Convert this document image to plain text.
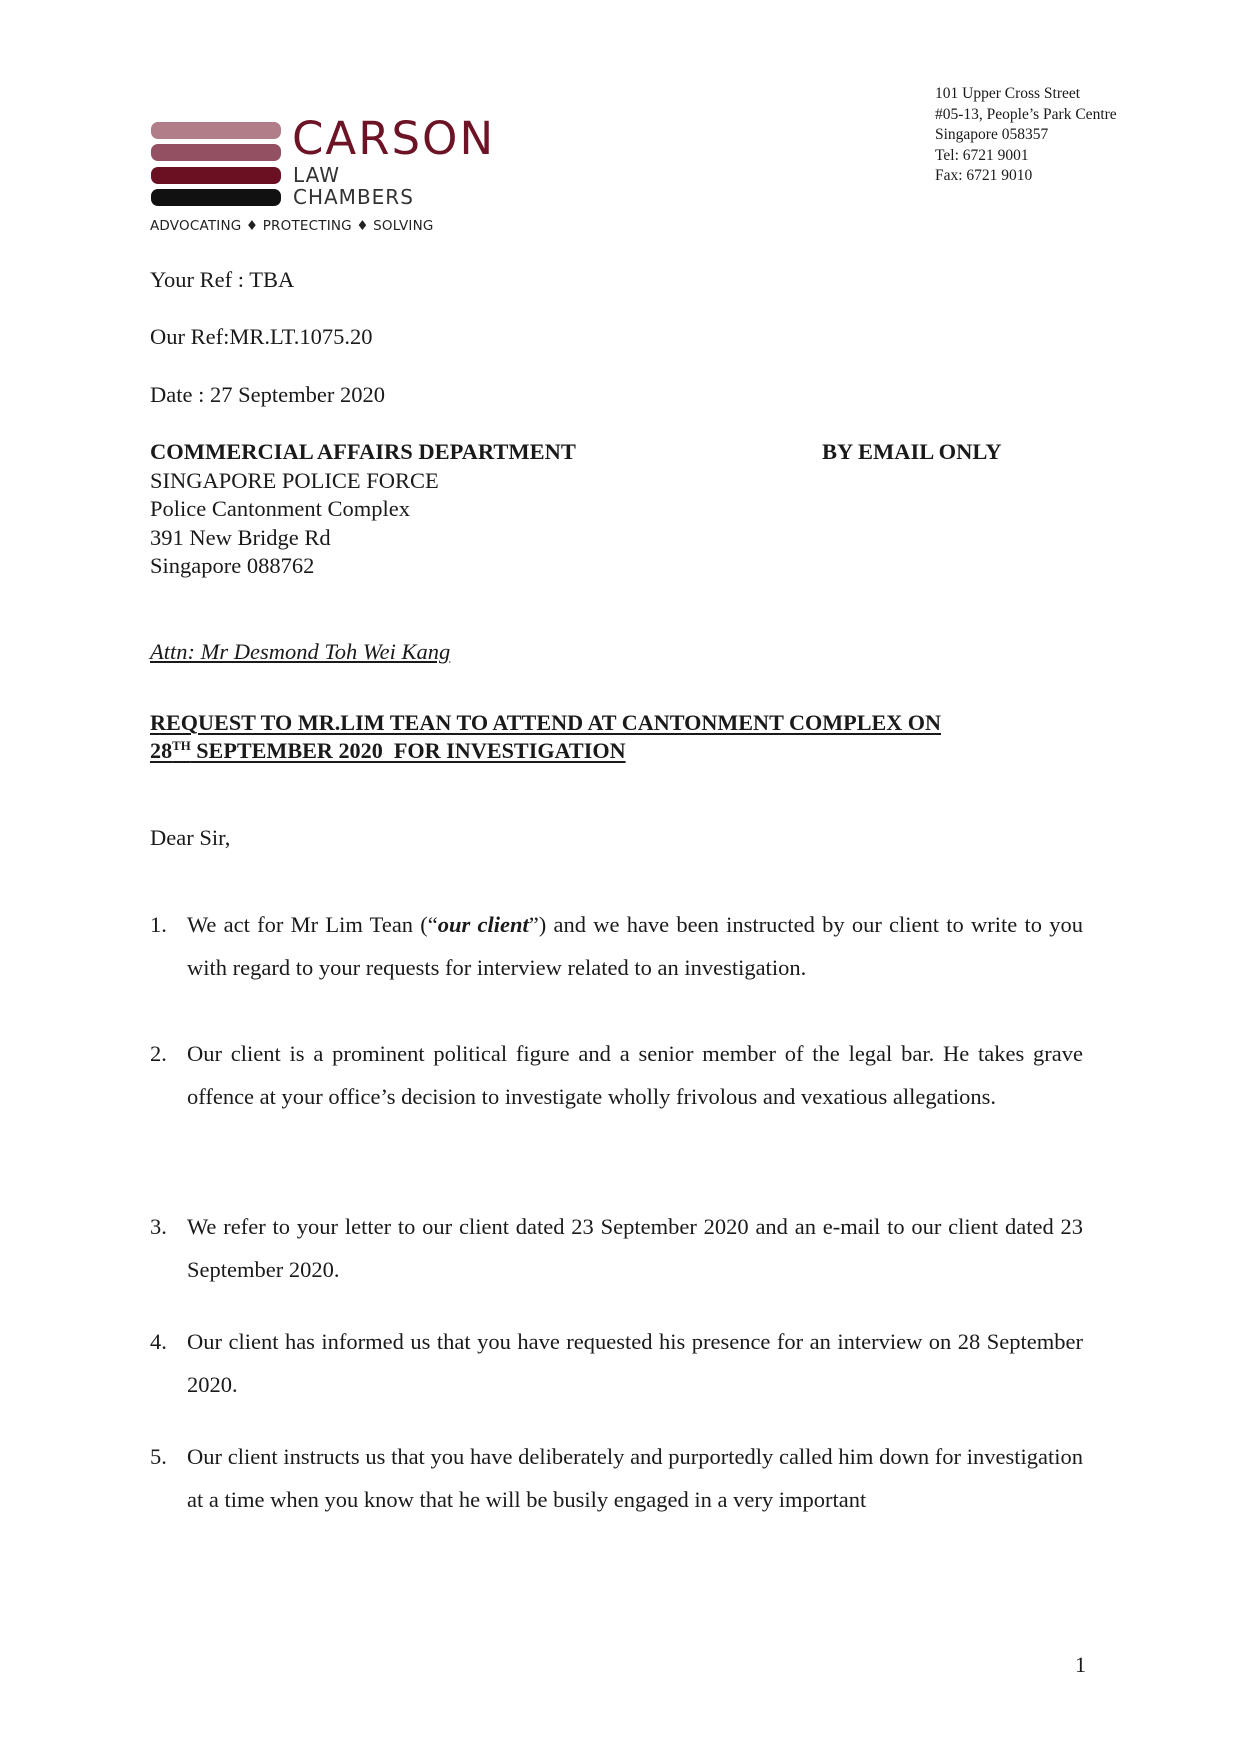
CARSON
LAW
CHAMBERS
ADVOCATING ♦ PROTECTING ♦ SOLVING
101 Upper Cross Street
#05-13, People’s Park Centre
Singapore 058357
Tel: 6721 9001
Fax: 6721 9010
Your Ref : TBA
Our Ref:MR.LT.1075.20
Date : 27 September 2020
COMMERCIAL AFFAIRS DEPARTMENT
SINGAPORE POLICE FORCE
Police Cantonment Complex
391 New Bridge Rd
Singapore 088762
BY EMAIL ONLY
Attn: Mr Desmond Toh Wei Kang
REQUEST TO MR.LIM TEAN TO ATTEND AT CANTONMENT COMPLEX ON
28TH SEPTEMBER 2020  FOR INVESTIGATION
Dear Sir,
1. We act for Mr Lim Tean (“our client”) and we have been instructed by our client to write to you with regard to your requests for interview related to an investigation.
2. Our client is a prominent political figure and a senior member of the legal bar. He takes grave offence at your office’s decision to investigate wholly frivolous and vexatious allegations.
3. We refer to your letter to our client dated 23 September 2020 and an e-mail to our client dated 23 September 2020.
4. Our client has informed us that you have requested his presence for an interview on 28 September 2020.
5. Our client instructs us that you have deliberately and purportedly called him down for investigation at a time when you know that he will be busily engaged in a very important
1
